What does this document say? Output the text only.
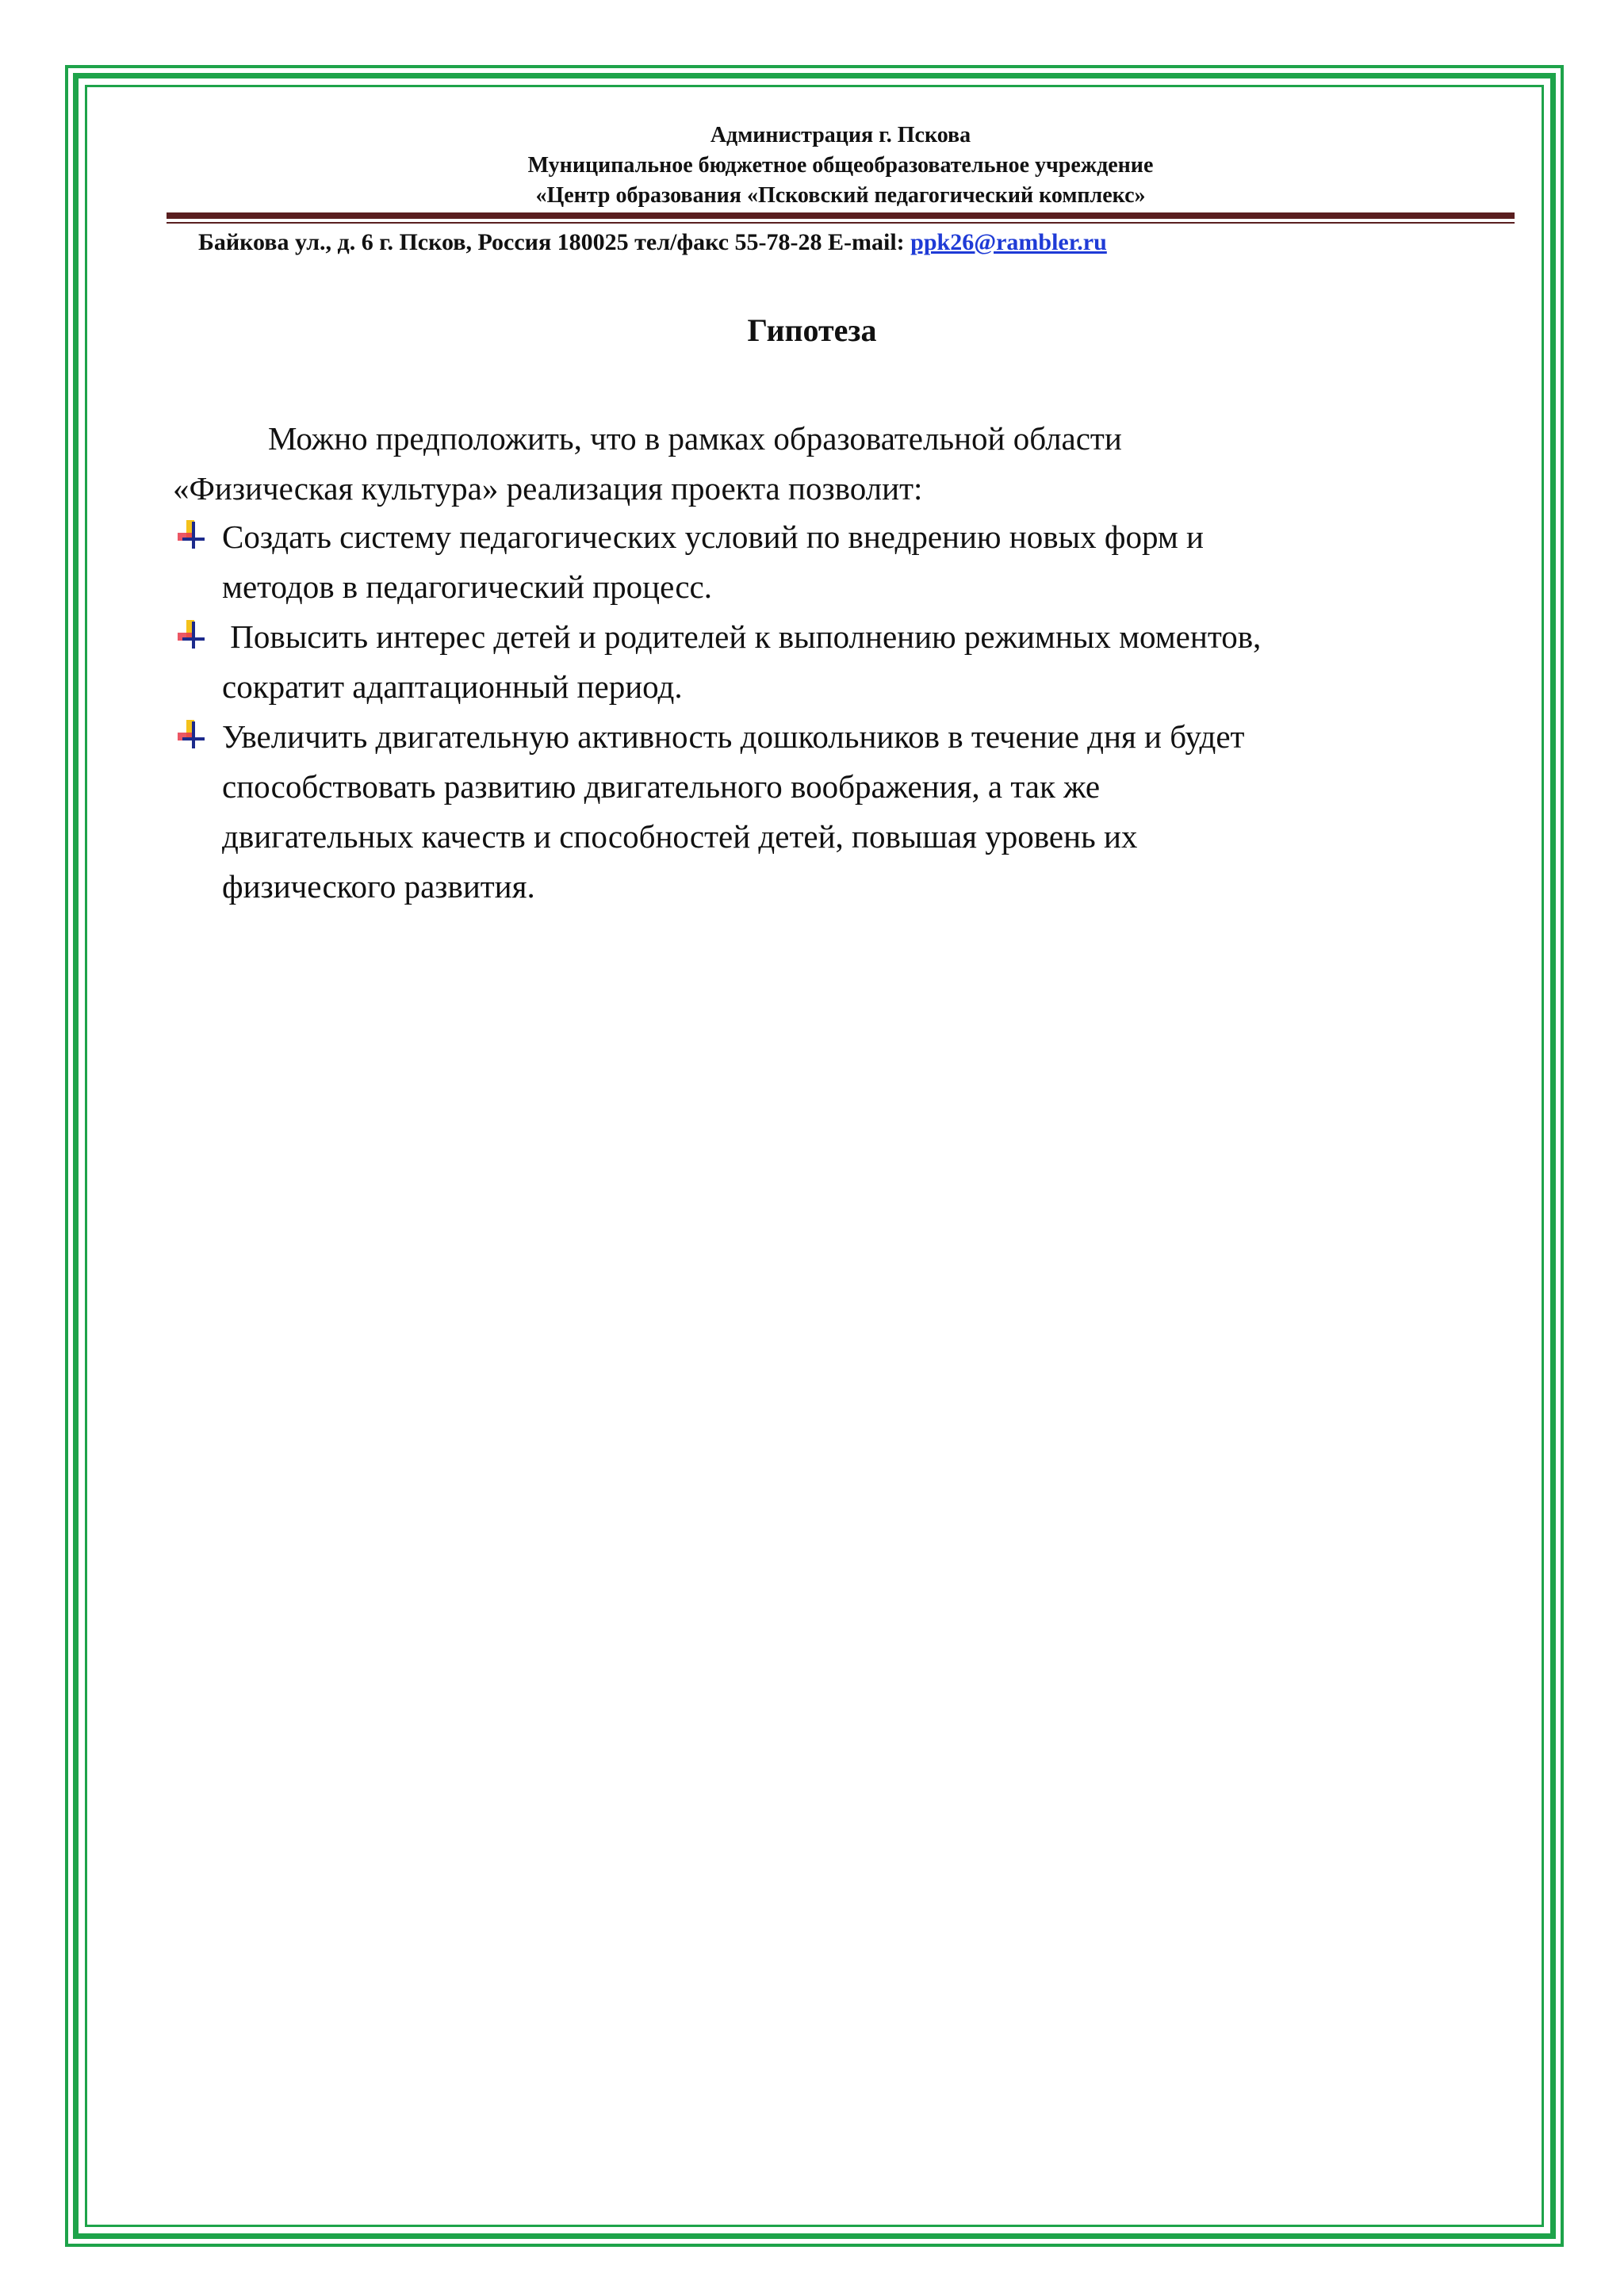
Администрация г. Пскова
Муниципальное бюджетное общеобразовательное учреждение
«Центр образования «Псковский педагогический комплекс»
Байкова ул., д. 6 г. Псков, Россия 180025 тел/факс 55-78-28 E-mail: ppk26@rambler.ru
Гипотеза
Можно предположить, что в рамках образовательной области
«Физическая культура» реализация проекта позволит:
Создать систему педагогических условий по внедрению новых форм и
методов в педагогический процесс.
Повысить интерес детей и родителей к выполнению режимных моментов,
сократит адаптационный период.
Увеличить двигательную активность дошкольников в течение дня и будет
способствовать развитию двигательного воображения, а так же
двигательных качеств и способностей детей, повышая уровень их
физического развития.
